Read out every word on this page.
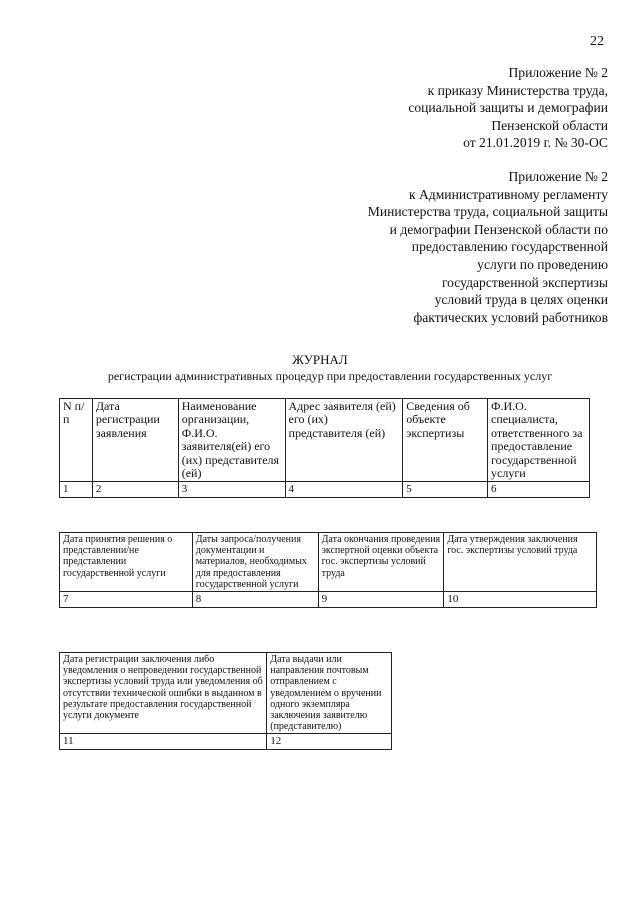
22
Приложение № 2
к приказу Министерства труда,
социальной защиты и демографии
Пензенской области
от 21.01.2019 г. № 30-ОС
Приложение № 2
к Административному регламенту
Министерства труда, социальной защиты
и демографии Пензенской области по
предоставлению государственной
услуги по проведению
государственной экспертизы
условий труда в целях оценки
фактических условий работников
ЖУРНАЛ
регистрации административных процедур при предоставлении государственных услуг
N п/п	Дата регистрации заявления	Наименование организации, Ф.И.О. заявителя(ей) его (их) представителя (ей)	Адрес заявителя (ей) его (их) представителя (ей)	Сведения об объекте экспертизы	Ф.И.О. специалиста, ответственного за предоставление государственной услуги
1	2	3	4	5	6
Дата принятия решения о представлении/не представлении государственной услуги	Даты запроса/получения документации и материалов, необходимых для предоставления государственной услуги	Дата окончания проведения экспертной оценки объекта гос. экспертизы условий труда	Дата утверждения заключения гос. экспертизы условий труда
7	8	9	10
Дата регистрации заключения либо уведомления о непроведении государственной экспертизы условий труда или уведомления об отсутствии технической ошибки в выданном в результате предоставления государственной услуги документе	Дата выдачи или направления почтовым отправлением с уведомлением о вручении одного экземпляра заключения заявителю (представителю)
11	12
